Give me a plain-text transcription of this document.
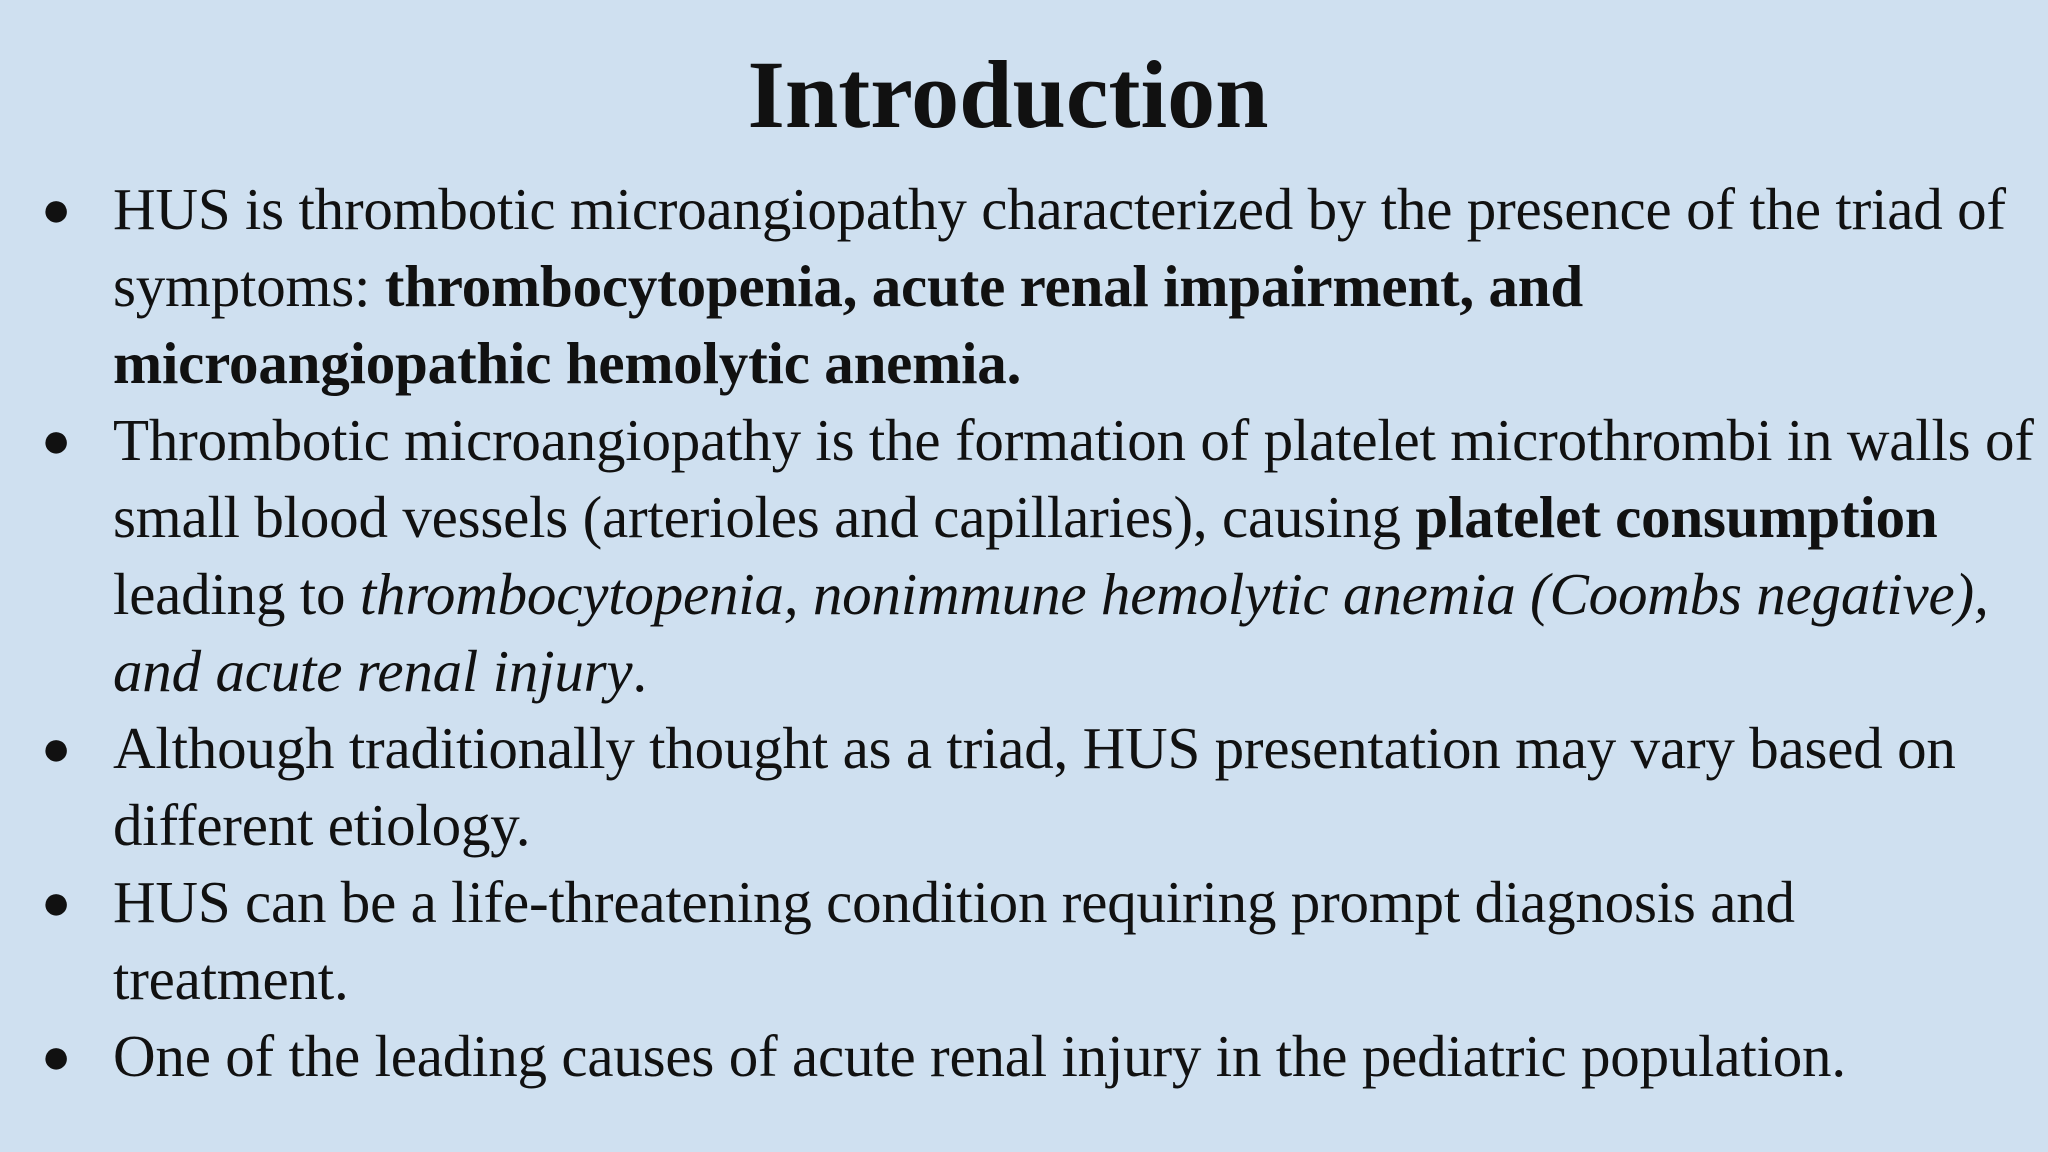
Introduction
● HUS is thrombotic microangiopathy characterized by the presence of the triad of symptoms: thrombocytopenia, acute renal impairment, and microangiopathic hemolytic anemia.
● Thrombotic microangiopathy is the formation of platelet microthrombi in walls of small blood vessels (arterioles and capillaries), causing platelet consumption leading to thrombocytopenia, nonimmune hemolytic anemia (Coombs negative), and acute renal injury.
● Although traditionally thought as a triad, HUS presentation may vary based on different etiology.
● HUS can be a life-threatening condition requiring prompt diagnosis and treatment.
● One of the leading causes of acute renal injury in the pediatric population.
